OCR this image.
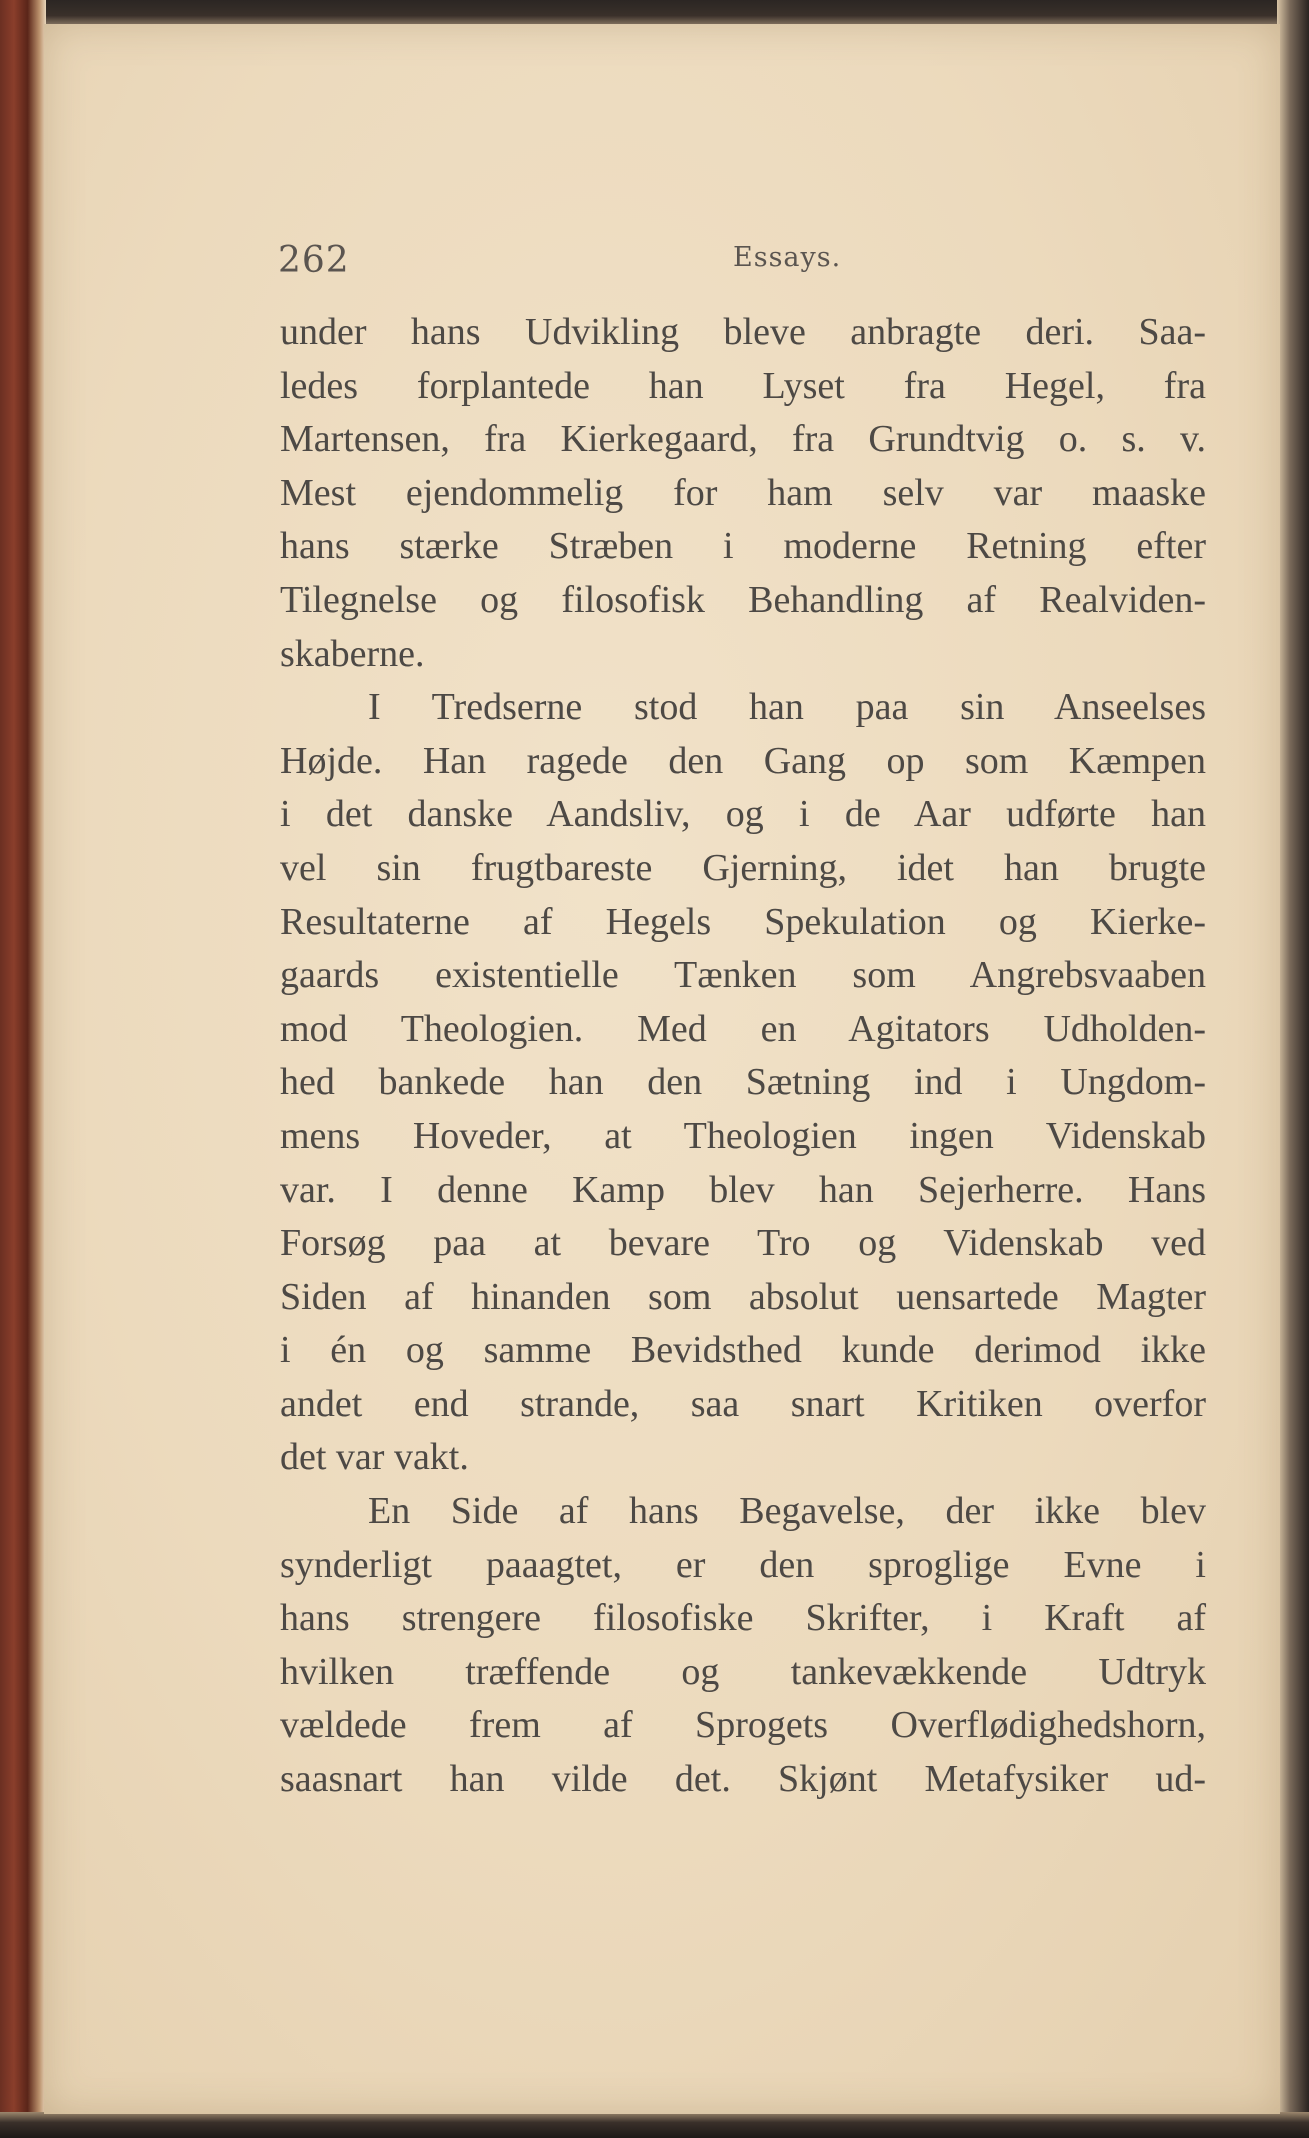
262	Essays.
under hans Udvikling bleve anbragte deri. Saa-
ledes forplantede han Lyset fra Hegel, fra
Martensen, fra Kierkegaard, fra Grundtvig o. s. v.
Mest ejendommelig for ham selv var maaske
hans stærke Stræben i moderne Retning efter
Tilegnelse og filosofisk Behandling af Realviden-
skaberne.
I Tredserne stod han paa sin Anseelses
Højde. Han ragede den Gang op som Kæmpen
i det danske Aandsliv, og i de Aar udførte han
vel sin frugtbareste Gjerning, idet han brugte
Resultaterne af Hegels Spekulation og Kierke-
gaards existentielle Tænken som Angrebsvaaben
mod Theologien. Med en Agitators Udholden-
hed bankede han den Sætning ind i Ungdom-
mens Hoveder, at Theologien ingen Videnskab
var. I denne Kamp blev han Sejerherre. Hans
Forsøg paa at bevare Tro og Videnskab ved
Siden af hinanden som absolut uensartede Magter
i én og samme Bevidsthed kunde derimod ikke
andet end strande, saa snart Kritiken overfor
det var vakt.
En Side af hans Begavelse, der ikke blev
synderligt paaagtet, er den sproglige Evne i
hans strengere filosofiske Skrifter, i Kraft af
hvilken træffende og tankevækkende Udtryk
vældede frem af Sprogets Overflødighedshorn,
saasnart han vilde det. Skjønt Metafysiker ud-
